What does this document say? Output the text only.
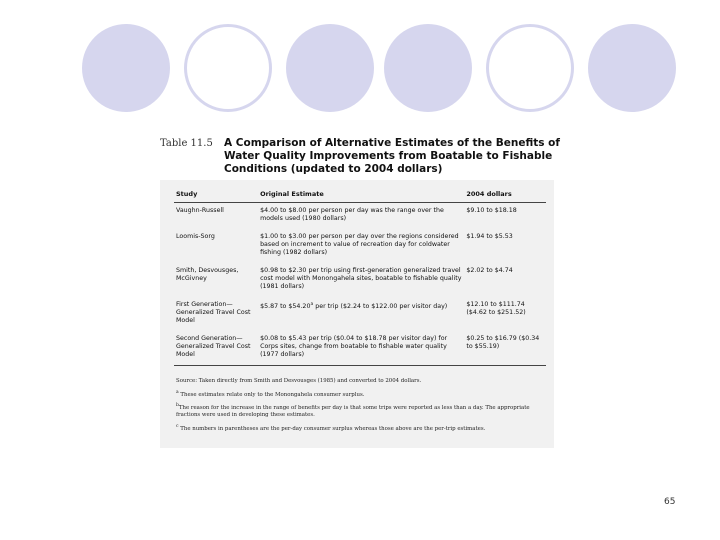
Table 11.5 A Comparison of Alternative Estimates of the Benefits of Water Quality Improvements from Boatable to Fishable Conditions (updated to 2004 dollars)
Study	Original Estimate	2004 dollars
Vaughn-Russell	$4.00 to $8.00 per person per day was the range over the models used (1980 dollars)	$9.10 to $18.18
Loomis-Sorg	$1.00 to $3.00 per person per day over the regions considered based on increment to value of recreation day for coldwater fishing (1982 dollars)	$1.94 to $5.53
Smith, Desvousges, McGivney	$0.98 to $2.30 per trip using first-generation generalized travel cost model with Monongahela sites, boatable to fishable quality (1981 dollars)	$2.02 to $4.74
First Generation— Generalized Travel Cost Model	$5.87 to $54.20$^a$ per trip ($2.24 to $122.00 per visitor day)	$12.10 to $111.74 ($4.62 to $251.52)
Second Generation— Generalized Travel Cost Model	$0.08 to $5.43 per trip ($0.04 to $18.78 per visitor day) for Corps sites, change from boatable to fishable water quality (1977 dollars)	$0.25 to $16.79 ($0.34 to $55.19)

Source: Taken directly from Smith and Desvousges (1985) and converted to 2004 dollars.

$^a$ These estimates relate only to the Monongahela consumer surplus.

$^b$The reason for the increase in the range of benefits per day is that some trips were reported as less than a day. The appropriate fractions were used in developing these estimates.

$^c$ The numbers in parentheses are the per-day consumer surplus whereas those above are the per-trip estimates.

65
